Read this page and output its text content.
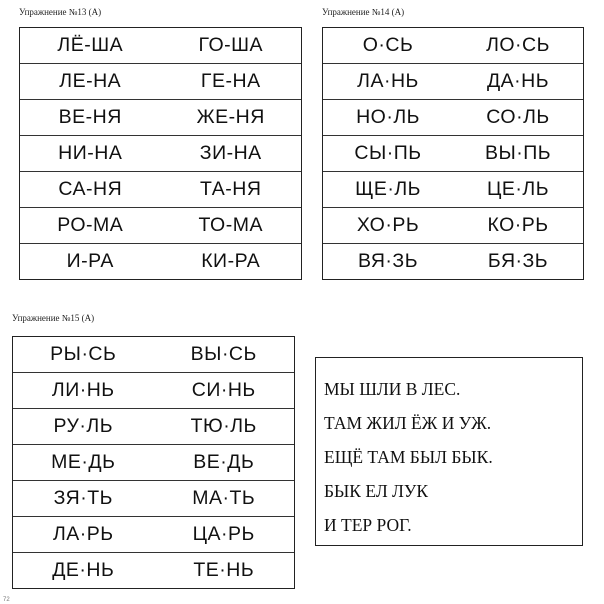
Упражнение №13 (А)
ЛЁ-ША	ГО-ША
ЛЕ-НА	ГЕ-НА
ВЕ-НЯ	ЖЕ-НЯ
НИ-НА	ЗИ-НА
СА-НЯ	ТА-НЯ
РО-МА	ТО-МА
И-РА	КИ-РА
Упражнение №14 (А)
О·СЬ	ЛО·СЬ
ЛА·НЬ	ДА·НЬ
НО·ЛЬ	СО·ЛЬ
СЫ·ПЬ	ВЫ·ПЬ
ЩЕ·ЛЬ	ЦЕ·ЛЬ
ХО·РЬ	КО·РЬ
ВЯ·ЗЬ	БЯ·ЗЬ
Упражнение №15 (А)
РЫ·СЬ	ВЫ·СЬ
ЛИ·НЬ	СИ·НЬ
РУ·ЛЬ	ТЮ·ЛЬ
МЕ·ДЬ	ВЕ·ДЬ
ЗЯ·ТЬ	МА·ТЬ
ЛА·РЬ	ЦА·РЬ
ДЕ·НЬ	ТЕ·НЬ
МЫ ШЛИ В ЛЕС.
ТАМ ЖИЛ ЁЖ И УЖ.
ЕЩЁ ТАМ БЫЛ БЫК.
БЫК ЕЛ ЛУК
И ТЕР РОГ.
72
